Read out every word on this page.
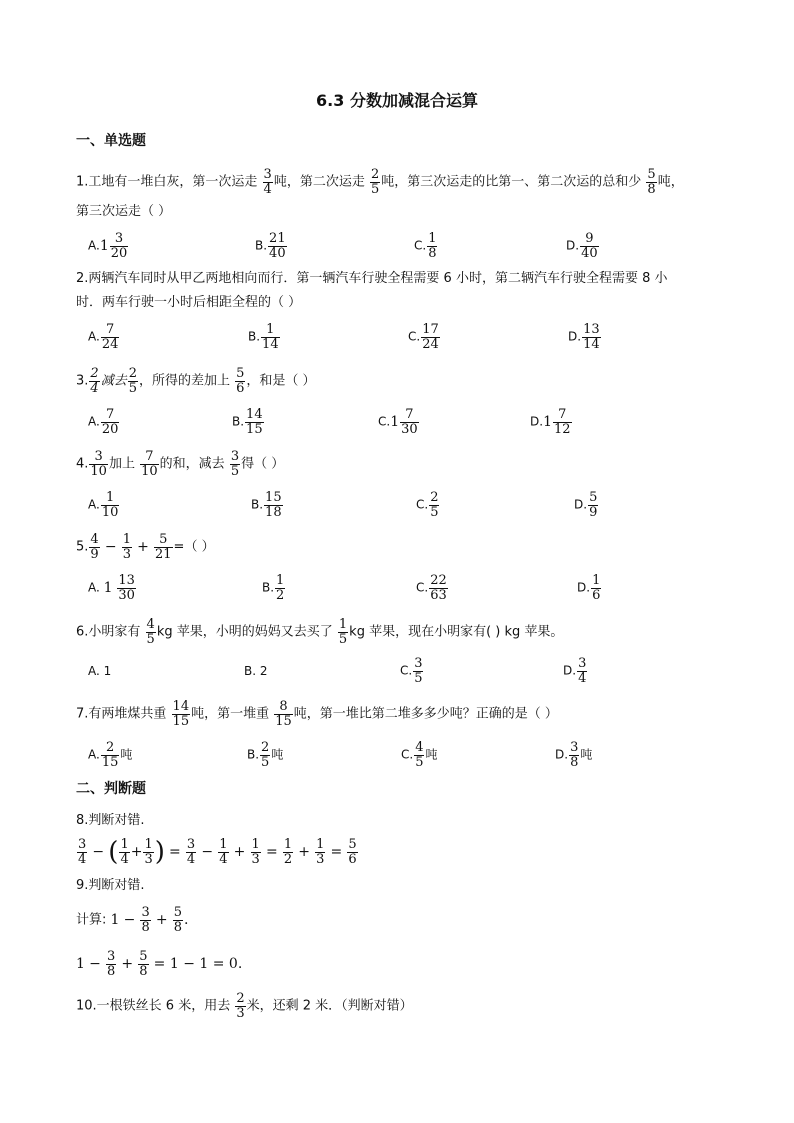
6.3 分数加减混合运算
一、单选题
1.工地有一堆白灰，第一次运走 $\frac{3}{4}$ 吨，第二次运走 $\frac{2}{5}$ 吨，第三次运走的比第一、第二次运的总和少 $\frac{5}{8}$ 吨，
第三次运走（ ）
$A.1 \frac{3}{20}$	B. $\frac{21}{40}$	C. $\frac{1}{8}$	D. $\frac{9}{40}$
2.两辆汽车同时从甲乙两地相向而行．第一辆汽车行驶全程需要 6 小时，第二辆汽车行驶全程需要 8 小
时．两车行驶一小时后相距全程的（ ）
A. $\frac{7}{24}$	B. $\frac{1}{14}$	C. $\frac{17}{24}$	D. $\frac{13}{14}$
3. $\frac{2}{4}$ 减去 $\frac{2}{5}$ ，所得的差加上 $\frac{5}{6}$ ，和是（ ）
A. $\frac{7}{20}$	B. $\frac{14}{15}$	$C.1 \frac{7}{30}$	$D.1 \frac{7}{12}$
4. $\frac{3}{10}$ 加上 $\frac{7}{10}$ 的和，减去 $\frac{3}{5}$ 得（ ）
A. $\frac{1}{10}$	B. $\frac{15}{18}$	C. $\frac{2}{5}$	D. $\frac{5}{9}$
5. $\frac{4}{9} - \frac{1}{3} + \frac{5}{21}$ =（ ）
A. $1 \frac{13}{30}$	B. $\frac{1}{2}$	C. $\frac{22}{63}$	D. $\frac{1}{6}$
6.小明家有 $\frac{4}{5}$ kg 苹果，小明的妈妈又去买了 $\frac{1}{5}$ kg 苹果，现在小明家有( ) kg 苹果。
A. 1	B. 2	C. $\frac{3}{5}$	D. $\frac{3}{4}$
7.有两堆煤共重 $\frac{14}{15}$ 吨，第一堆重 $\frac{8}{15}$ 吨，第一堆比第二堆多多少吨？正确的是（ ）
A. $\frac{2}{15}$ 吨	B. $\frac{2}{5}$ 吨	C. $\frac{4}{5}$ 吨	D. $\frac{3}{8}$ 吨
二、判断题
8.判断对错.
$\frac{3}{4}$ − ( $\frac{1}{4} + \frac{1}{3}$ ) = $\frac{3}{4} - \frac{1}{4} + \frac{1}{3} = \frac{1}{2} + \frac{1}{3} = \frac{5}{6}$
9.判断对错.
计算: $1 - \frac{3}{8} + \frac{5}{8}$ .
$1 - \frac{3}{8} + \frac{5}{8} = 1 - 1 = 0$.
10.一根铁丝长 6 米，用去 $\frac{2}{3}$ 米，还剩 2 米．（判断对错）
